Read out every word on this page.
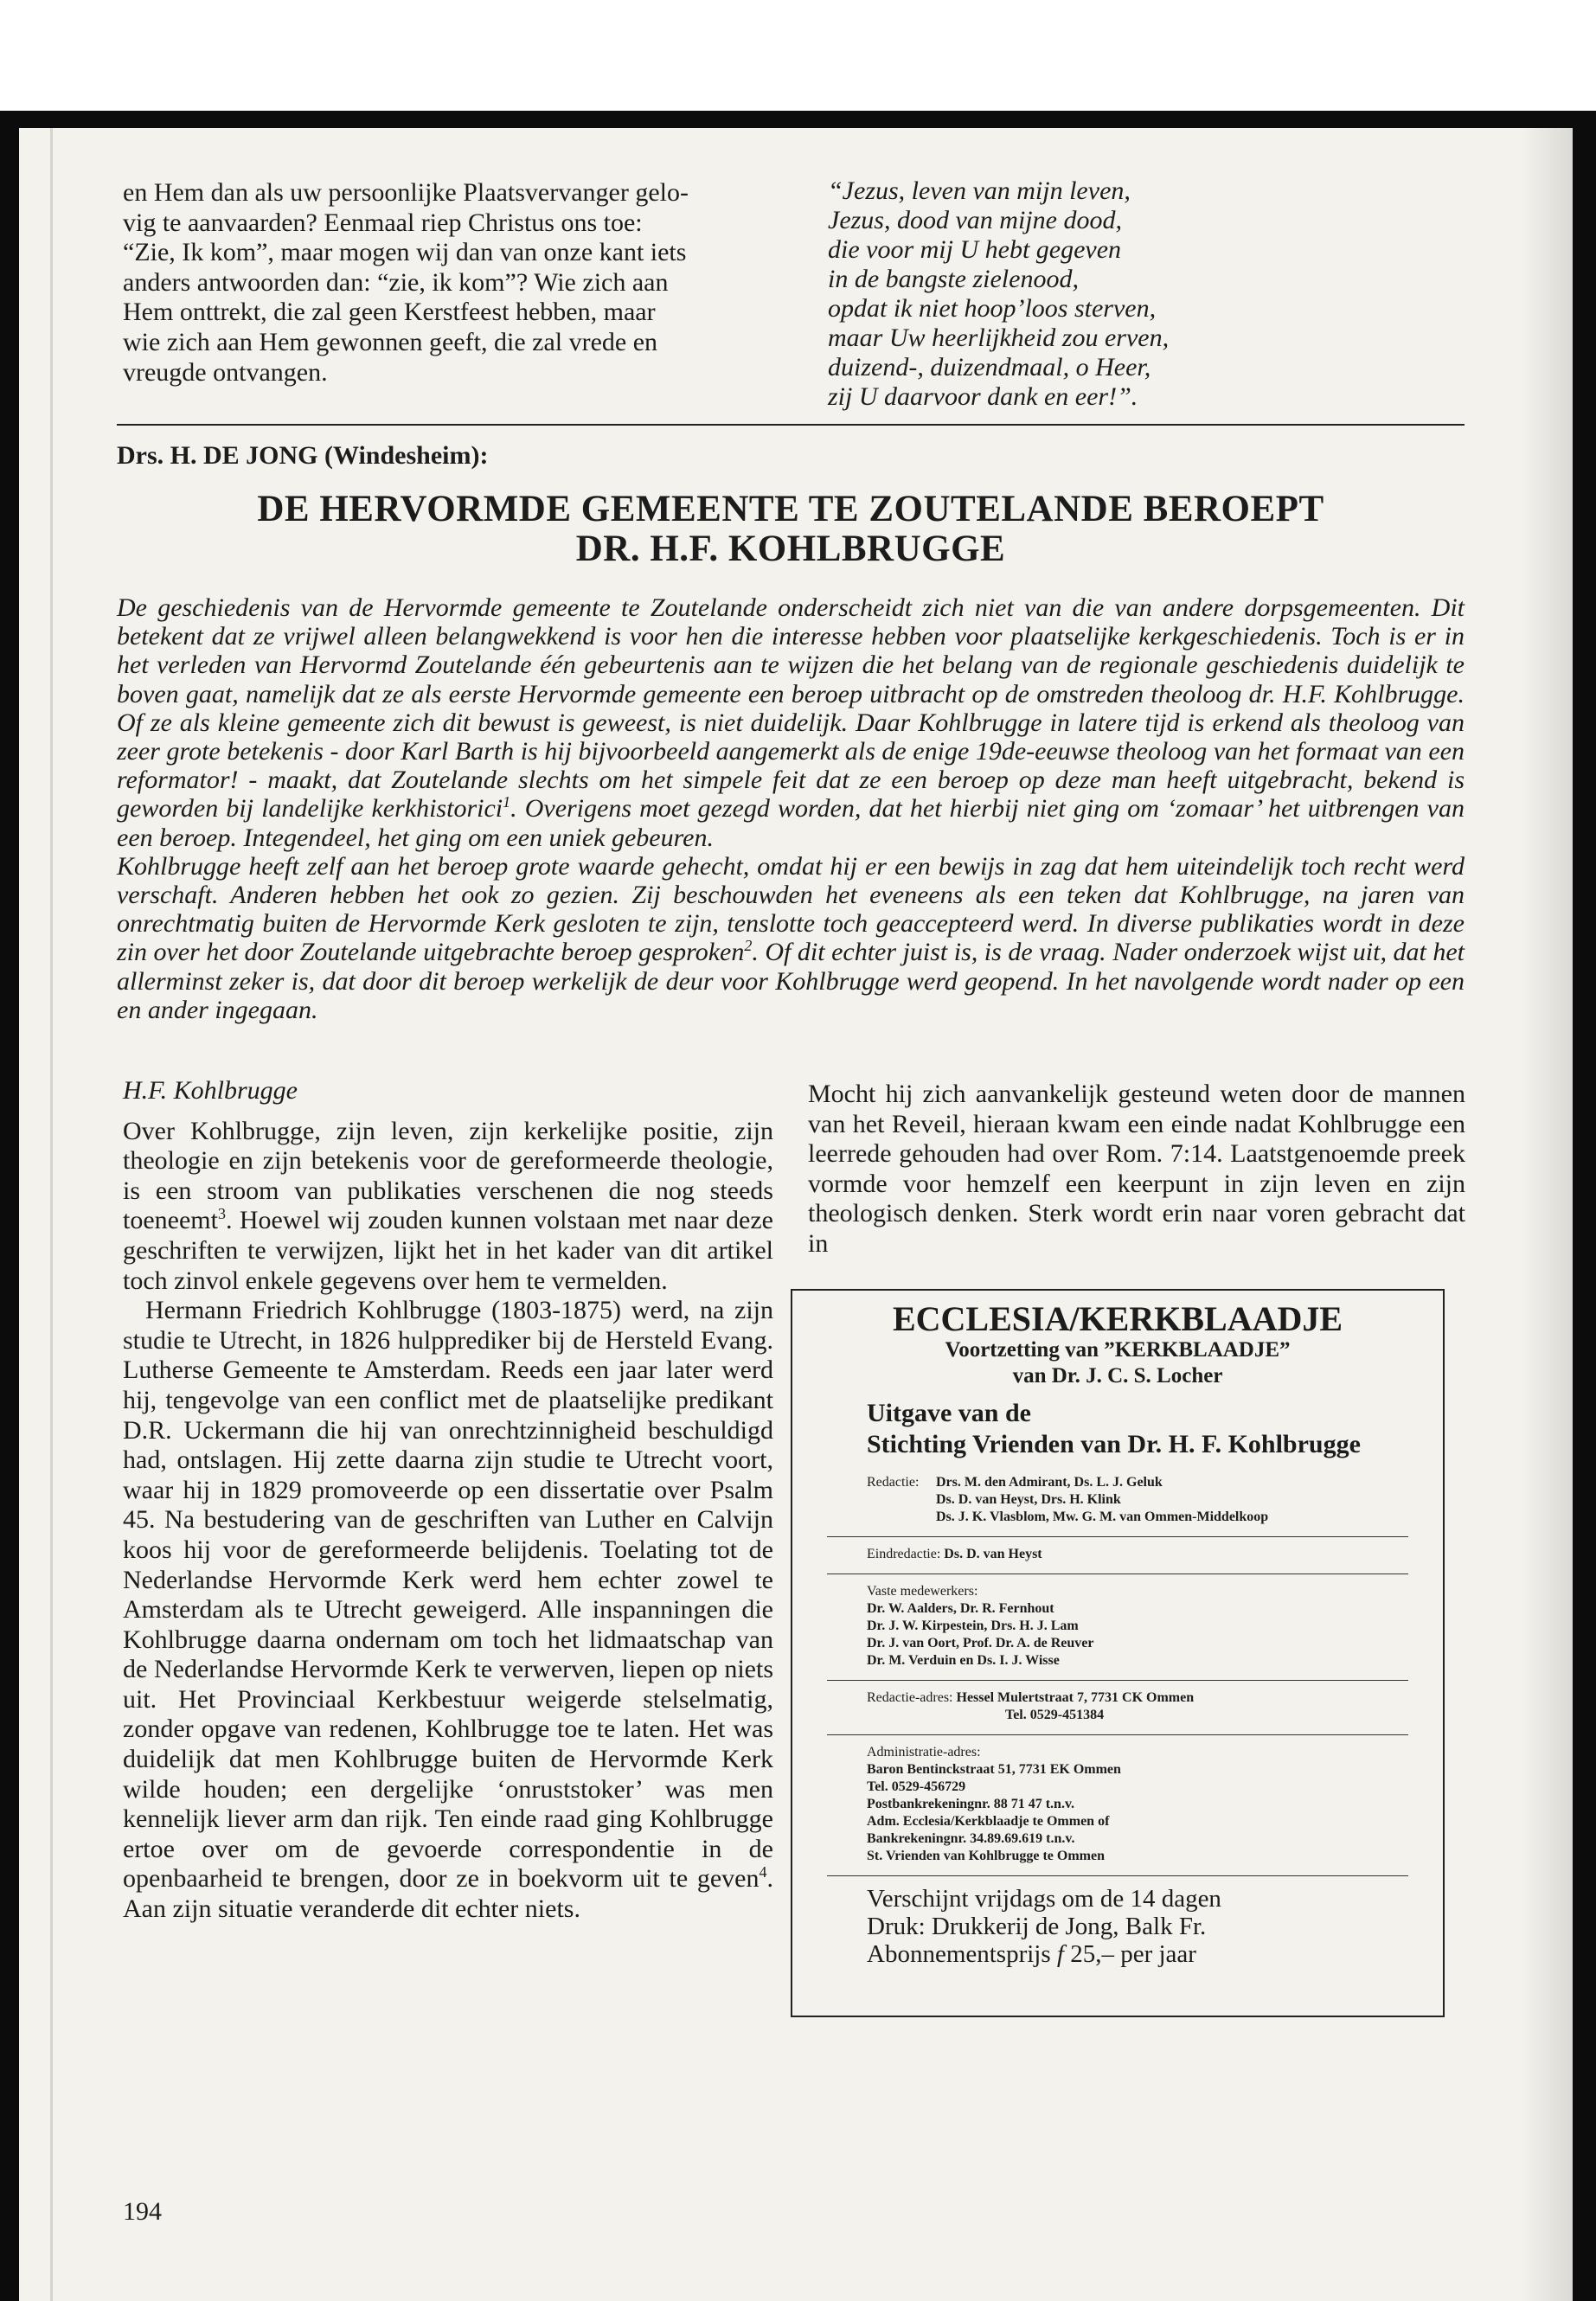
en Hem dan als uw persoonlijke Plaatsvervanger gelo-
vig te aanvaarden? Eenmaal riep Christus ons toe:
“Zie, Ik kom”, maar mogen wij dan van onze kant iets
anders antwoorden dan: “zie, ik kom”? Wie zich aan
Hem onttrekt, die zal geen Kerstfeest hebben, maar
wie zich aan Hem gewonnen geeft, die zal vrede en
vreugde ontvangen.
“Jezus, leven van mijn leven,
Jezus, dood van mijne dood,
die voor mij U hebt gegeven
in de bangste zielenood,
opdat ik niet hoop’loos sterven,
maar Uw heerlijkheid zou erven,
duizend-, duizendmaal, o Heer,
zij U daarvoor dank en eer!”.
Drs. H. DE JONG (Windesheim):
DE HERVORMDE GEMEENTE TE ZOUTELANDE BEROEPT
DR. H.F. KOHLBRUGGE

De geschiedenis van de Hervormde gemeente te Zoutelande onderscheidt zich niet van die van andere dorpsgemeenten. Dit betekent dat ze vrijwel alleen belangwekkend is voor hen die interesse hebben voor plaatselijke kerkgeschiedenis. Toch is er in het verleden van Hervormd Zoutelande één gebeurtenis aan te wijzen die het belang van de regionale geschiedenis duidelijk te boven gaat, namelijk dat ze als eerste Hervormde gemeente een beroep uitbracht op de omstreden theoloog dr. H.F. Kohlbrugge. Of ze als kleine gemeente zich dit bewust is geweest, is niet duidelijk. Daar Kohlbrugge in latere tijd is erkend als theoloog van zeer grote betekenis - door Karl Barth is hij bijvoorbeeld aangemerkt als de enige 19de-eeuwse theoloog van het formaat van een reformator! - maakt, dat Zoutelande slechts om het simpele feit dat ze een beroep op deze man heeft uitgebracht, bekend is geworden bij landelijke kerkhistorici$^1$. Overigens moet gezegd worden, dat het hierbij niet ging om ‘zomaar’ het uitbrengen van een beroep. Integendeel, het ging om een uniek gebeuren.

Kohlbrugge heeft zelf aan het beroep grote waarde gehecht, omdat hij er een bewijs in zag dat hem uiteindelijk toch recht werd verschaft. Anderen hebben het ook zo gezien. Zij beschouwden het eveneens als een teken dat Kohlbrugge, na jaren van onrechtmatig buiten de Hervormde Kerk gesloten te zijn, tenslotte toch geaccepteerd werd. In diverse publikaties wordt in deze zin over het door Zoutelande uitgebrachte beroep gesproken$^2$. Of dit echter juist is, is de vraag. Nader onderzoek wijst uit, dat het allerminst zeker is, dat door dit beroep werkelijk de deur voor Kohlbrugge werd geopend. In het navolgende wordt nader op een en ander ingegaan.

H.F. Kohlbrugge

Over Kohlbrugge, zijn leven, zijn kerkelijke positie, zijn theologie en zijn betekenis voor de gereformeerde theologie, is een stroom van publikaties verschenen die nog steeds toeneemt$^3$. Hoewel wij zouden kunnen volstaan met naar deze geschriften te verwijzen, lijkt het in het kader van dit artikel toch zinvol enkele gegevens over hem te vermelden.

Hermann Friedrich Kohlbrugge (1803-1875) werd, na zijn studie te Utrecht, in 1826 hulpprediker bij de Hersteld Evang. Lutherse Gemeente te Amsterdam. Reeds een jaar later werd hij, tengevolge van een conflict met de plaatselijke predikant D.R. Uckermann die hij van onrechtzinnigheid beschuldigd had, ontslagen. Hij zette daarna zijn studie te Utrecht voort, waar hij in 1829 promoveerde op een dissertatie over Psalm 45. Na bestudering van de geschriften van Luther en Calvijn koos hij voor de gereformeerde belijdenis. Toelating tot de Nederlandse Hervormde Kerk werd hem echter zowel te Amsterdam als te Utrecht geweigerd. Alle inspanningen die Kohlbrugge daarna ondernam om toch het lidmaatschap van de Nederlandse Hervormde Kerk te verwerven, liepen op niets uit. Het Provinciaal Kerkbestuur weigerde stelselmatig, zonder opgave van redenen, Kohlbrugge toe te laten. Het was duidelijk dat men Kohlbrugge buiten de Hervormde Kerk wilde houden; een dergelijke ‘onruststoker’ was men kennelijk liever arm dan rijk. Ten einde raad ging Kohlbrugge ertoe over om de gevoerde correspondentie in de openbaarheid te brengen, door ze in boekvorm uit te geven$^4$. Aan zijn situatie veranderde dit echter niets.

Mocht hij zich aanvankelijk gesteund weten door de mannen van het Reveil, hieraan kwam een einde nadat Kohlbrugge een leerrede gehouden had over Rom. 7:14. Laatstgenoemde preek vormde voor hemzelf een keerpunt in zijn leven en zijn theologisch denken. Sterk wordt erin naar voren gebracht dat in

ECCLESIA/KERKBLAADJE
Voortzetting van ”KERKBLAADJE”
van Dr. J. C. S. Locher
Uitgave van de
Stichting Vrienden van Dr. H. F. Kohlbrugge
Redactie:	Drs. M. den Admirant, Ds. L. J. Geluk
Ds. D. van Heyst, Drs. H. Klink
Ds. J. K. Vlasblom, Mw. G. M. van Ommen-Middelkoop
Eindredactie: Ds. D. van Heyst
Vaste medewerkers:
Dr. W. Aalders, Dr. R. Fernhout
Dr. J. W. Kirpestein, Drs. H. J. Lam
Dr. J. van Oort, Prof. Dr. A. de Reuver
Dr. M. Verduin en Ds. I. J. Wisse
Redactie-adres: Hessel Mulertstraat 7, 7731 CK Ommen
Tel. 0529-451384
Administratie-adres:
Baron Bentinckstraat 51, 7731 EK Ommen
Tel. 0529-456729
Postbankrekeningnr. 88 71 47 t.n.v.
Adm. Ecclesia/Kerkblaadje te Ommen of
Bankrekeningnr. 34.89.69.619 t.n.v.
St. Vrienden van Kohlbrugge te Ommen
Verschijnt vrijdags om de 14 dagen
Druk: Drukkerij de Jong, Balk Fr.
Abonnementsprijs f 25,– per jaar
194
